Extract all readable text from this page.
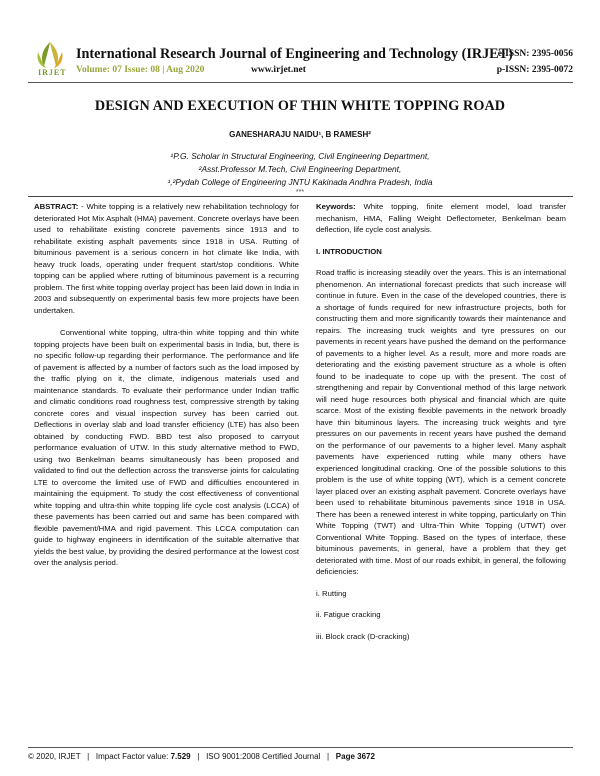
IRJET
International Research Journal of Engineering and Technology (IRJET)
Volume: 07 Issue: 08 | Aug 2020	www.irjet.net
e-ISSN: 2395-0056
p-ISSN: 2395-0072
DESIGN AND EXECUTION OF THIN WHITE TOPPING ROAD
GANESHARAJU NAIDU¹, B RAMESH²
¹P.G. Scholar in Structural Engineering, Civil Engineering Department,
²Asst.Professor M.Tech, Civil Engineering Department,
¹,²Pydah College of Engineering JNTU Kakinada Andhra Pradesh, India
***

ABSTRACT: - White topping is a relatively new rehabilitation technology for deteriorated Hot Mix Asphalt (HMA) pavement. Concrete overlays have been used to rehabilitate existing concrete pavements since 1913 and to rehabilitate existing asphalt pavements since 1918 in USA. Rutting of bituminous pavement is a serious concern in hot climate like India, with heavy truck loads, operating under frequent start/stop conditions. White topping can be applied where rutting of bituminous pavement is a recurring problem. The first white topping overlay project has been laid down in India in 2003 and subsequently on experimental basis few more projects have been undertaken.

Conventional white topping, ultra-thin white topping and thin white topping projects have been built on experimental basis in India, but, there is no specific follow-up regarding their performance. The performance and life of pavement is affected by a number of factors such as the load imposed by the traffic plying on it, the climate, indigenous materials used and maintenance standards. To evaluate their performance under Indian traffic and climatic conditions road roughness test, compressive strength by taking concrete cores and visual inspection survey has been carried out. Deflections in overlay slab and load transfer efficiency (LTE) has also been obtained by conducting FWD. BBD test also proposed to carryout performance evaluation of UTW. In this study alternative method to FWD, using two Benkelman beams simultaneously has been proposed and validated to find out the deflection across the transverse joints for calculating LTE to overcome the limited use of FWD and difficulties encountered in maintaining the equipment. To study the cost effectiveness of conventional white topping and ultra-thin white topping life cycle cost analysis (LCCA) of these pavements has been carried out and same has been compared with flexible pavement/HMA and rigid pavement. This LCCA computation can guide to highway engineers in identification of the suitable alternative that yields the best value, by providing the desired performance at the lowest cost over the analysis period.

Keywords: White topping, finite element model, load transfer mechanism, HMA, Falling Weight Deflectometer, Benkelman beam deflection, life cycle cost analysis.

I. INTRODUCTION

Road traffic is increasing steadily over the years. This is an international phenomenon. An international forecast predicts that such increase will continue in future. Even in the case of the developed countries, there is a shortage of funds required for new infrastructure projects, both for constructing them and more significantly towards their maintenance and repairs. The increasing truck weights and tyre pressures on our pavements in recent years have pushed the demand on the performance of pavements to a higher level. As a result, more and more roads are deteriorating and the existing pavement structure as a whole is often found to be inadequate to cope up with the present. The cost of strengthening and repair by Conventional method of this large network will need huge resources both physical and financial which are quite scarce. Most of the existing flexible pavements in the network broadly have thin bituminous layers. The increasing truck weights and tyre pressures on our pavements in recent years have pushed the demand on the performance of our pavements to a higher level. Many asphalt pavements have experienced rutting while many others have experienced longitudinal cracking. One of the possible solutions to this problem is the use of white topping (WT), which is a cement concrete layer placed over an existing asphalt pavement. Concrete overlays have been used to rehabilitate bituminous pavements since 1918 in USA. There has been a renewed interest in white topping, particularly on Thin White Topping (TWT) and Ultra-Thin White Topping (UTWT) over Conventional White Topping. Based on the types of interface, these bituminous pavements, in general, have a problem that they get deteriorated with time. Most of our roads exhibit, in general, the following deficiencies:

i. Rutting

ii. Fatigue cracking

iii. Block crack (D-cracking)

© 2020, IRJET   |   Impact Factor value: 7.529   |   ISO 9001:2008 Certified Journal   |   Page 3672
